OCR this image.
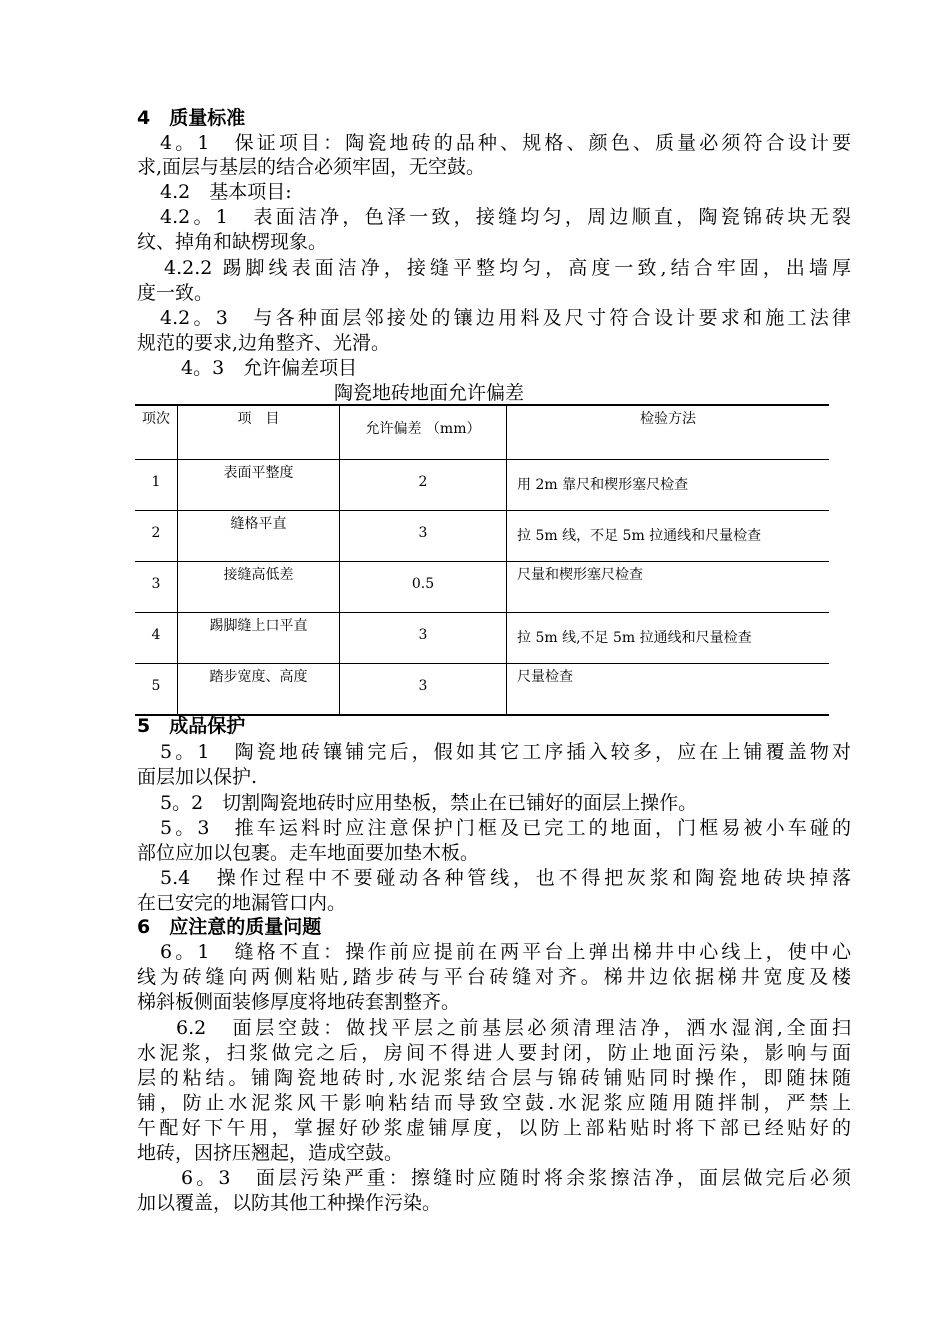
4　质量标准
4。1　保证项目：陶瓷地砖的品种、规格、颜色、质量必须符合设计要
求,面层与基层的结合必须牢固，无空鼓。
4.2　基本项目:
4.2。1　表面洁净，色泽一致，接缝均匀，周边顺直，陶瓷锦砖块无裂
纹、掉角和缺楞现象。
4.2.2 踢脚线表面洁净，接缝平整均匀，高度一致,结合牢固，出墙厚
度一致。
4.2。3　与各种面层邻接处的镶边用料及尺寸符合设计要求和施工法律
规范的要求,边角整齐、光滑。
4。3　允许偏差项目
陶瓷地砖地面允许偏差
项次	项　目	允许偏差 （mm）	检验方法

1	表面平整度	2	用 2m 靠尺和楔形塞尺检查

2	缝格平直	3	拉 5m 线，不足 5m 拉通线和尺量检查

3	接缝高低差	0.5	尺量和楔形塞尺检查

4	踢脚缝上口平直	3	拉 5m 线,不足 5m 拉通线和尺量检查

5	踏步宽度、高度	3	尺量检查
5　成品保护
5。1　陶瓷地砖镶铺完后，假如其它工序插入较多，应在上铺覆盖物对
面层加以保护.
5。2　切割陶瓷地砖时应用垫板，禁止在已铺好的面层上操作。
5。3　推车运料时应注意保护门框及已完工的地面，门框易被小车碰的
部位应加以包裹。走车地面要加垫木板。
5.4　操作过程中不要碰动各种管线，也不得把灰浆和陶瓷地砖块掉落
在已安完的地漏管口内。
6　应注意的质量问题
6。1　缝格不直：操作前应提前在两平台上弹出梯井中心线上，使中心
线为砖缝向两侧粘贴,踏步砖与平台砖缝对齐。梯井边依据梯井宽度及楼
梯斜板侧面装修厚度将地砖套割整齐。
6.2　面层空鼓：做找平层之前基层必须清理洁净，洒水湿润,全面扫
水泥浆，扫浆做完之后，房间不得进人要封闭，防止地面污染，影响与面
层的粘结。铺陶瓷地砖时,水泥浆结合层与锦砖铺贴同时操作，即随抹随
铺，防止水泥浆风干影响粘结而导致空鼓.水泥浆应随用随拌制，严禁上
午配好下午用，掌握好砂浆虚铺厚度，以防上部粘贴时将下部已经贴好的
地砖，因挤压翘起，造成空鼓。
6。3　面层污染严重：擦缝时应随时将余浆擦洁净，面层做完后必须
加以覆盖，以防其他工种操作污染。
